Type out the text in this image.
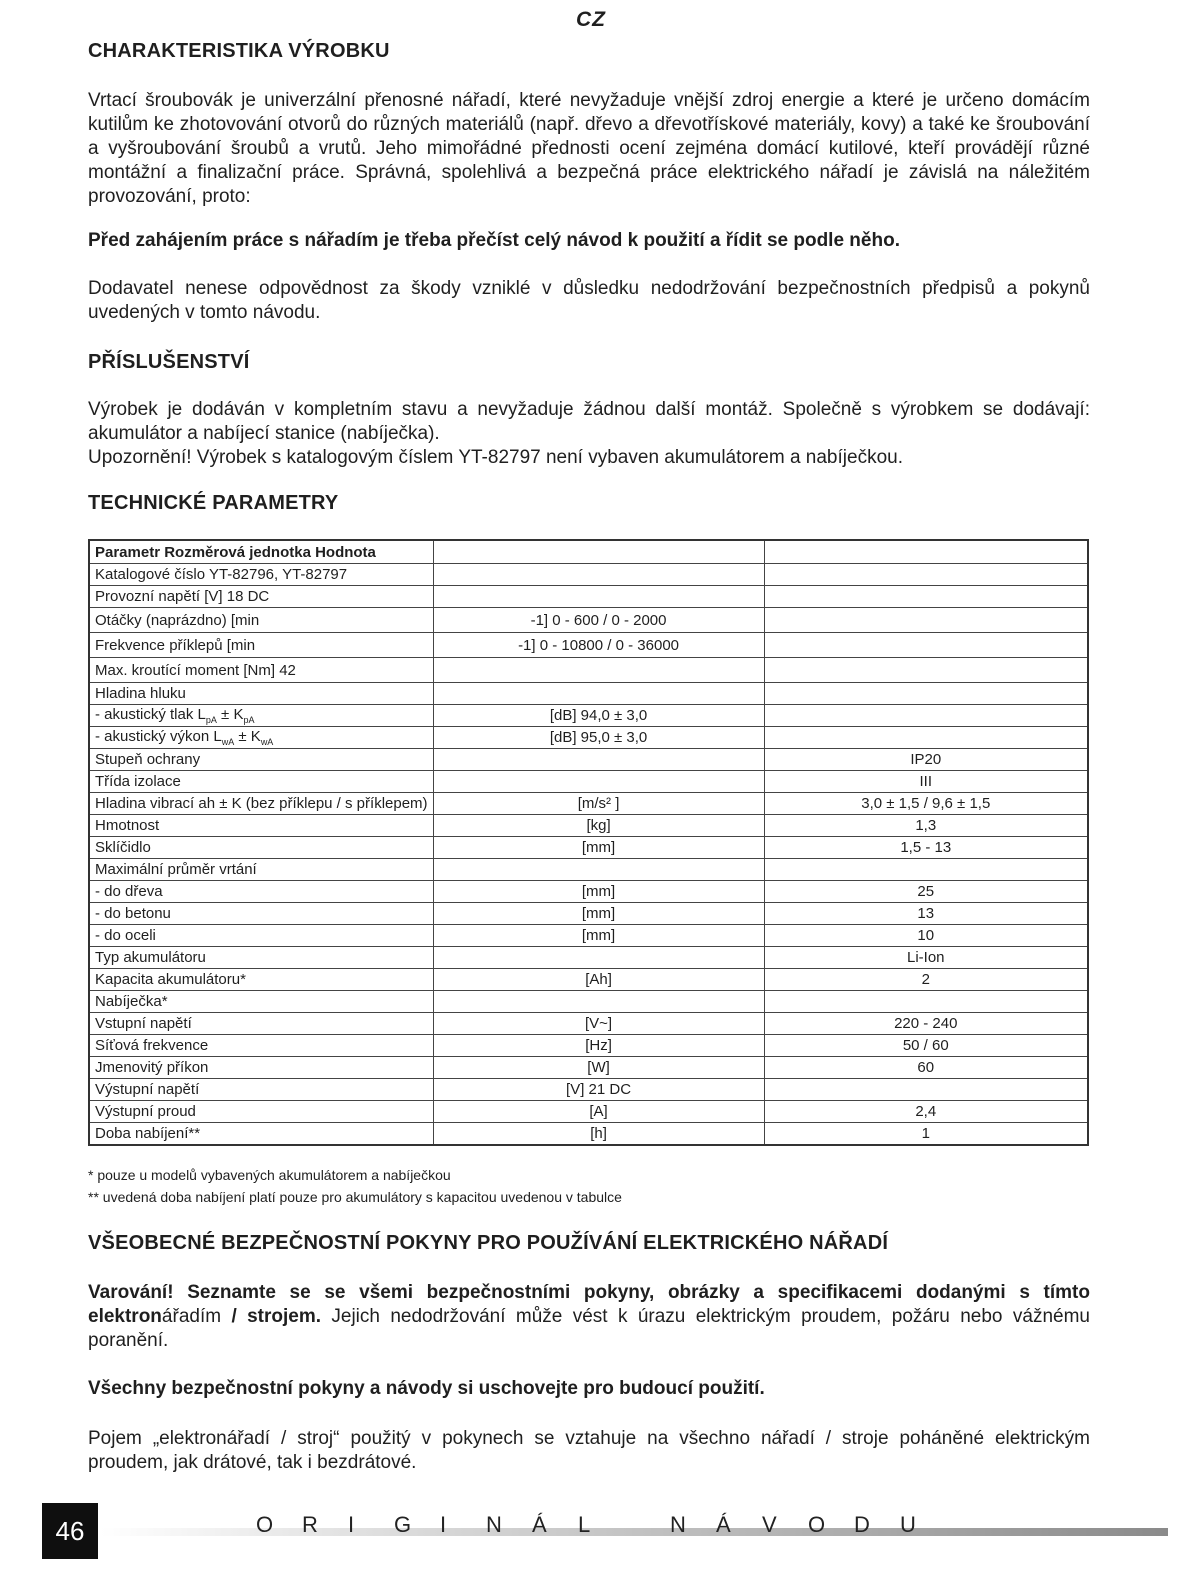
CZ
CHARAKTERISTIKA VÝROBKU

Vrtací šroubovák je univerzální přenosné nářadí, které nevyžaduje vnější zdroj energie a které je určeno domácím kutilům ke zhotovování otvorů do různých materiálů (např. dřevo a dřevotřískové materiály, kovy) a také ke šroubování a vyšroubování šroubů a vrutů. Jeho mimořádné přednosti ocení zejména domácí kutilové, kteří provádějí různé montážní a finalizační práce. Správná, spolehlivá a bezpečná práce elektrického nářadí je závislá na náležitém provozování, proto:

Před zahájením práce s nářadím je třeba přečíst celý návod k použití a řídit se podle něho.

Dodavatel nenese odpovědnost za škody vzniklé v důsledku nedodržování bezpečnostních předpisů a pokynů uvedených v tomto návodu.

PŘÍSLUŠENSTVÍ

Výrobek je dodáván v kompletním stavu a nevyžaduje žádnou další montáž. Společně s výrobkem se dodávají: akumulátor a nabíjecí stanice (nabíječka).

Upozornění! Výrobek s katalogovým číslem YT-82797 není vybaven akumulátorem a nabíječkou.

TECHNICKÉ PARAMETRY
Parametr Rozměrová jednotka Hodnota		
Katalogové číslo YT-82796, YT-82797		
Provozní napětí [V] 18 DC		
Otáčky (naprázdno) [min	-1] 0 - 600 / 0 - 2000	
Frekvence příklepů [min	-1] 0 - 10800 / 0 - 36000	
Max. kroutící moment [Nm] 42		
Hladina hluku		
- akustický tlak $L_{pA} \pm K_{pA}$	[dB] 94,0 ± 3,0	
- akustický výkon $L_{wA} \pm K_{wA}$	[dB] 95,0 ± 3,0	
Stupeň ochrany		IP20
Třída izolace		III
Hladina vibrací ah ± K (bez příklepu / s příklepem)	[m/s² ]	3,0 ± 1,5 / 9,6 ± 1,5
Hmotnost	[kg]	1,3
Sklíčidlo	[mm]	1,5 - 13
Maximální průměr vrtání		
- do dřeva	[mm]	25
- do betonu	[mm]	13
- do oceli	[mm]	10
Typ akumulátoru		Li-Ion
Kapacita akumulátoru*	[Ah]	2
Nabíječka*		
Vstupní napětí	[V~]	220 - 240
Síťová frekvence	[Hz]	50 / 60
Jmenovitý příkon	[W]	60
Výstupní napětí	[V] 21 DC	
Výstupní proud	[A]	2,4
Doba nabíjení**	[h]	1
* pouze u modelů vybavených akumulátorem a nabíječkou
** uvedená doba nabíjení platí pouze pro akumulátory s kapacitou uvedenou v tabulce
VŠEOBECNÉ BEZPEČNOSTNÍ POKYNY PRO POUŽÍVÁNÍ ELEKTRICKÉHO NÁŘADÍ

Varování! Seznamte se se všemi bezpečnostními pokyny, obrázky a specifikacemi dodanými s tímto elektronářadím / strojem. Jejich nedodržování může vést k úrazu elektrickým proudem, požáru nebo vážnému poranění.

Všechny bezpečnostní pokyny a návody si uschovejte pro budoucí použití.

Pojem „elektronářadí / stroj“ použitý v pokynech se vztahuje na všechno nářadí / stroje poháněné elektrickým proudem, jak drátové, tak i bezdrátové.

46	O R I G I N Á L	N Á V O D U
